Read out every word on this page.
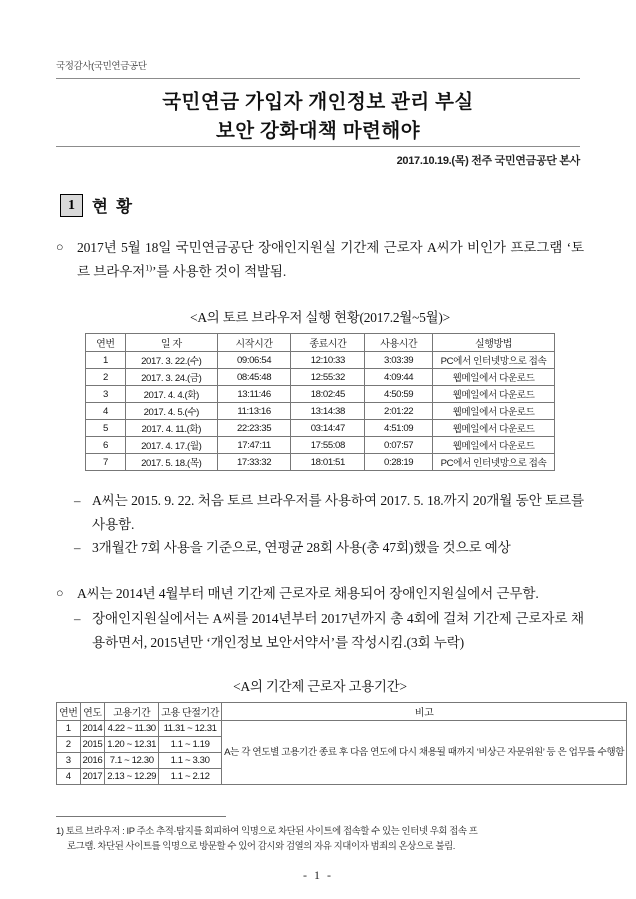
국정감사(국민연금공단
국민연금 가입자 개인정보 관리 부실
보안 강화대책 마련해야
2017.10.19.(목) 전주 국민연금공단 본사
1	현 황
○ 2017년 5월 18일 국민연금공단 장애인지원실 기간제 근로자 A씨가 비인가 프로그램 ‘토르 브라우저$^{1)}$’를 사용한 것이 적발됨.
<A의 토르 브라우저 실행 현황(2017.2월~5월)>
연번	일 자	시작시간	종료시간	사용시간	실행방법
1	2017. 3. 22.(수)	09:06:54	12:10:33	3:03:39	PC에서 인터넷망으로 접속
2	2017. 3. 24.(금)	08:45:48	12:55:32	4:09:44	웹메일에서 다운로드
3	2017. 4. 4.(화)	13:11:46	18:02:45	4:50:59	웹메일에서 다운로드
4	2017. 4. 5.(수)	11:13:16	13:14:38	2:01:22	웹메일에서 다운로드
5	2017. 4. 11.(화)	22:23:35	03:14:47	4:51:09	웹메일에서 다운로드
6	2017. 4. 17.(월)	17:47:11	17:55:08	0:07:57	웹메일에서 다운로드
7	2017. 5. 18.(목)	17:33:32	18:01:51	0:28:19	PC에서 인터넷망으로 접속
– A씨는 2015. 9. 22. 처음 토르 브라우저를 사용하여 2017. 5. 18.까지 20개월 동안 토르를 사용함.
– 3개월간 7회 사용을 기준으로, 연평균 28회 사용(총 47회)했을 것으로 예상
○ A씨는 2014년 4월부터 매년 기간제 근로자로 채용되어 장애인지원실에서 근무함.
– 장애인지원실에서는 A씨를 2014년부터 2017년까지 총 4회에 걸쳐 기간제 근로자로 채용하면서, 2015년만 ‘개인정보 보안서약서’를 작성시킴.(3회 누락)
<A의 기간제 근로자 고용기간>
연번	연도	고용기간	고용 단절기간	비고
1	2014	4.22 ~ 11.30	11.31 ~ 12.31	A는 각 연도별 고용기간 종료 후 다음 연도에 다시 채용될 때까지 ‘비상근 자문위원’ 등 은 업무를 수행함
2	2015	1.20 ~ 12.31	1.1 ~ 1.19	
3	2016	7.1 ~ 12.30	1.1 ~ 3.30	
4	2017	2.13 ~ 12.29	1.1 ~ 2.12	
1) 토르 브라우저 : IP 주소 추적·탐지를 회피하여 익명으로 차단된 사이트에 접속할 수 있는 인터넷 우회 접속 프
로그램. 차단된 사이트를 익명으로 방문할 수 있어 감시와 검열의 자유 지대이자 범죄의 온상으로 불림.
- 1 -
